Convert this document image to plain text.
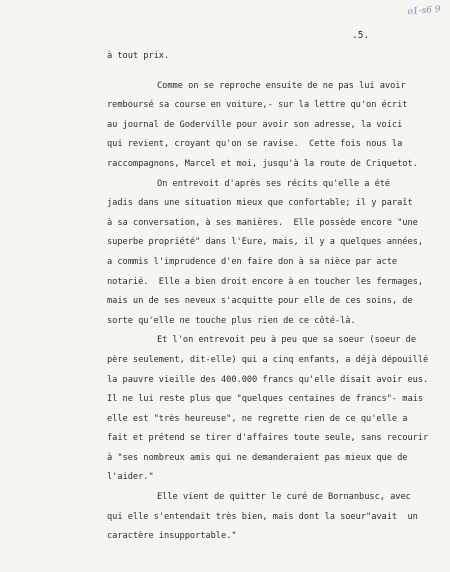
o1-s6 9
.5.
à tout prix.
Comme on se reproche ensuite de ne pas lui avoir
remboursé sa course en voiture,- sur la lettre qu'on écrit
au journal de Goderville pour avoir son adresse, la voici
qui revient, croyant qu'on se ravise.  Cette fois nous la
raccompagnons, Marcel et moi, jusqu'à la route de Criquetot.
On entrevoit d'après ses récits qu'elle a été
jadis dans une situation mieux que confortable; il y paraît
à sa conversation, à ses manières.  Elle possède encore "une
superbe propriété" dans l'Eure, mais, il y a quelques années,
a commis l'imprudence d'en faire don à sa nièce par acte
notarié.  Elle a bien droit encore à en toucher les fermages,
mais un de ses neveux s'acquitte pour elle de ces soins, de
sorte qu'elle ne touche plus rien de ce côté-là.
Et l'on entrevoit peu à peu que sa soeur (soeur de
père seulement, dit-elle) qui a cinq enfants, a déjà dépouillé
la pauvre vieille des 400.000 francs qu'elle disait avoir eus.
Il ne lui reste plus que "quelques centaines de francs"- mais
elle est "très heureuse", ne regrette rien de ce qu'elle a
fait et prétend se tirer d'affaires toute seule, sans recourir
à "ses nombreux amis qui ne demanderaient pas mieux que de
l'aider."
Elle vient de quitter le curé de Bornanbusc, avec
qui elle s'entendait très bien, mais dont la soeur"avait  un
caractère insupportable."
